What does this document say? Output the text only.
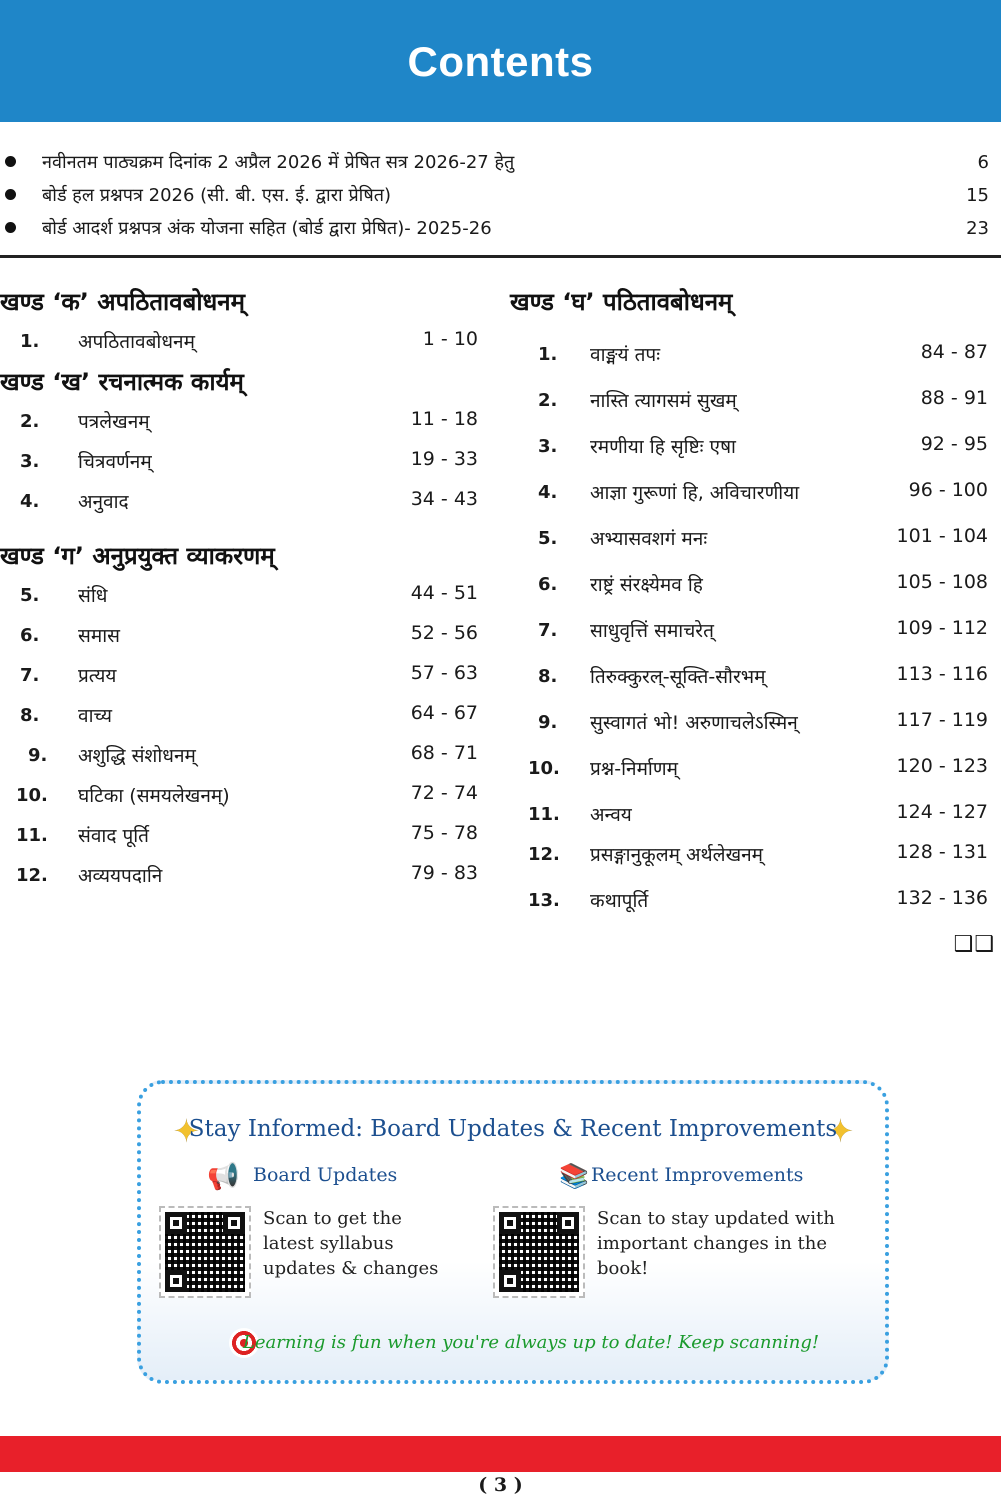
Contents
नवीनतम पाठ्यक्रम दिनांक 2 अप्रैल 2026 में प्रेषित सत्र 2026-27 हेतु	6
बोर्ड हल प्रश्नपत्र 2026 (सी. बी. एस. ई. द्वारा प्रेषित)	15
बोर्ड आदर्श प्रश्नपत्र अंक योजना सहित (बोर्ड द्वारा प्रेषित)- 2025-26	23
खण्ड ‘क’ अपठितावबोधनम्
1. अपठितावबोधनम्	1 - 10
खण्ड ‘ख’ रचनात्मक कार्यम्
2. पत्रलेखनम्	11 - 18
3. चित्रवर्णनम्	19 - 33
4. अनुवाद	34 - 43
खण्ड ‘ग’ अनुप्रयुक्त व्याकरणम्
5. संधि	44 - 51
6. समास	52 - 56
7. प्रत्यय	57 - 63
8. वाच्य	64 - 67
9. अशुद्धि संशोधनम्	68 - 71
10. घटिका (समयलेखनम्)	72 - 74
11. संवाद पूर्ति	75 - 78
12. अव्ययपदानि	79 - 83
खण्ड ‘घ’ पठितावबोधनम्
1. वाङ्मयं तपः	84 - 87
2. नास्ति त्यागसमं सुखम्	88 - 91
3. रमणीया हि सृष्टिः एषा	92 - 95
4. आज्ञा गुरूणां हि, अविचारणीया	96 - 100
5. अभ्यासवशगं मनः	101 - 104
6. राष्ट्रं संरक्ष्येमव हि	105 - 108
7. साधुवृत्तिं समाचरेत्	109 - 112
8. तिरुक्कुरल्-सूक्ति-सौरभम्	113 - 116
9. सुस्वागतं भो! अरुणाचलेऽस्मिन्	117 - 119
10. प्रश्न-निर्माणम्	120 - 123
11. अन्वय	124 - 127
12. प्रसङ्गानुकूलम् अर्थलेखनम्	128 - 131
13. कथापूर्ति	132 - 136
❑❑
✦	✦
Stay Informed: Board Updates & Recent Improvements
📢 Board Updates	📚 Recent Improvements
Scan to get the latest syllabus updates & changes
Scan to stay updated with important changes in the book!
Learning is fun when you're always up to date! Keep scanning!
( 3 )
